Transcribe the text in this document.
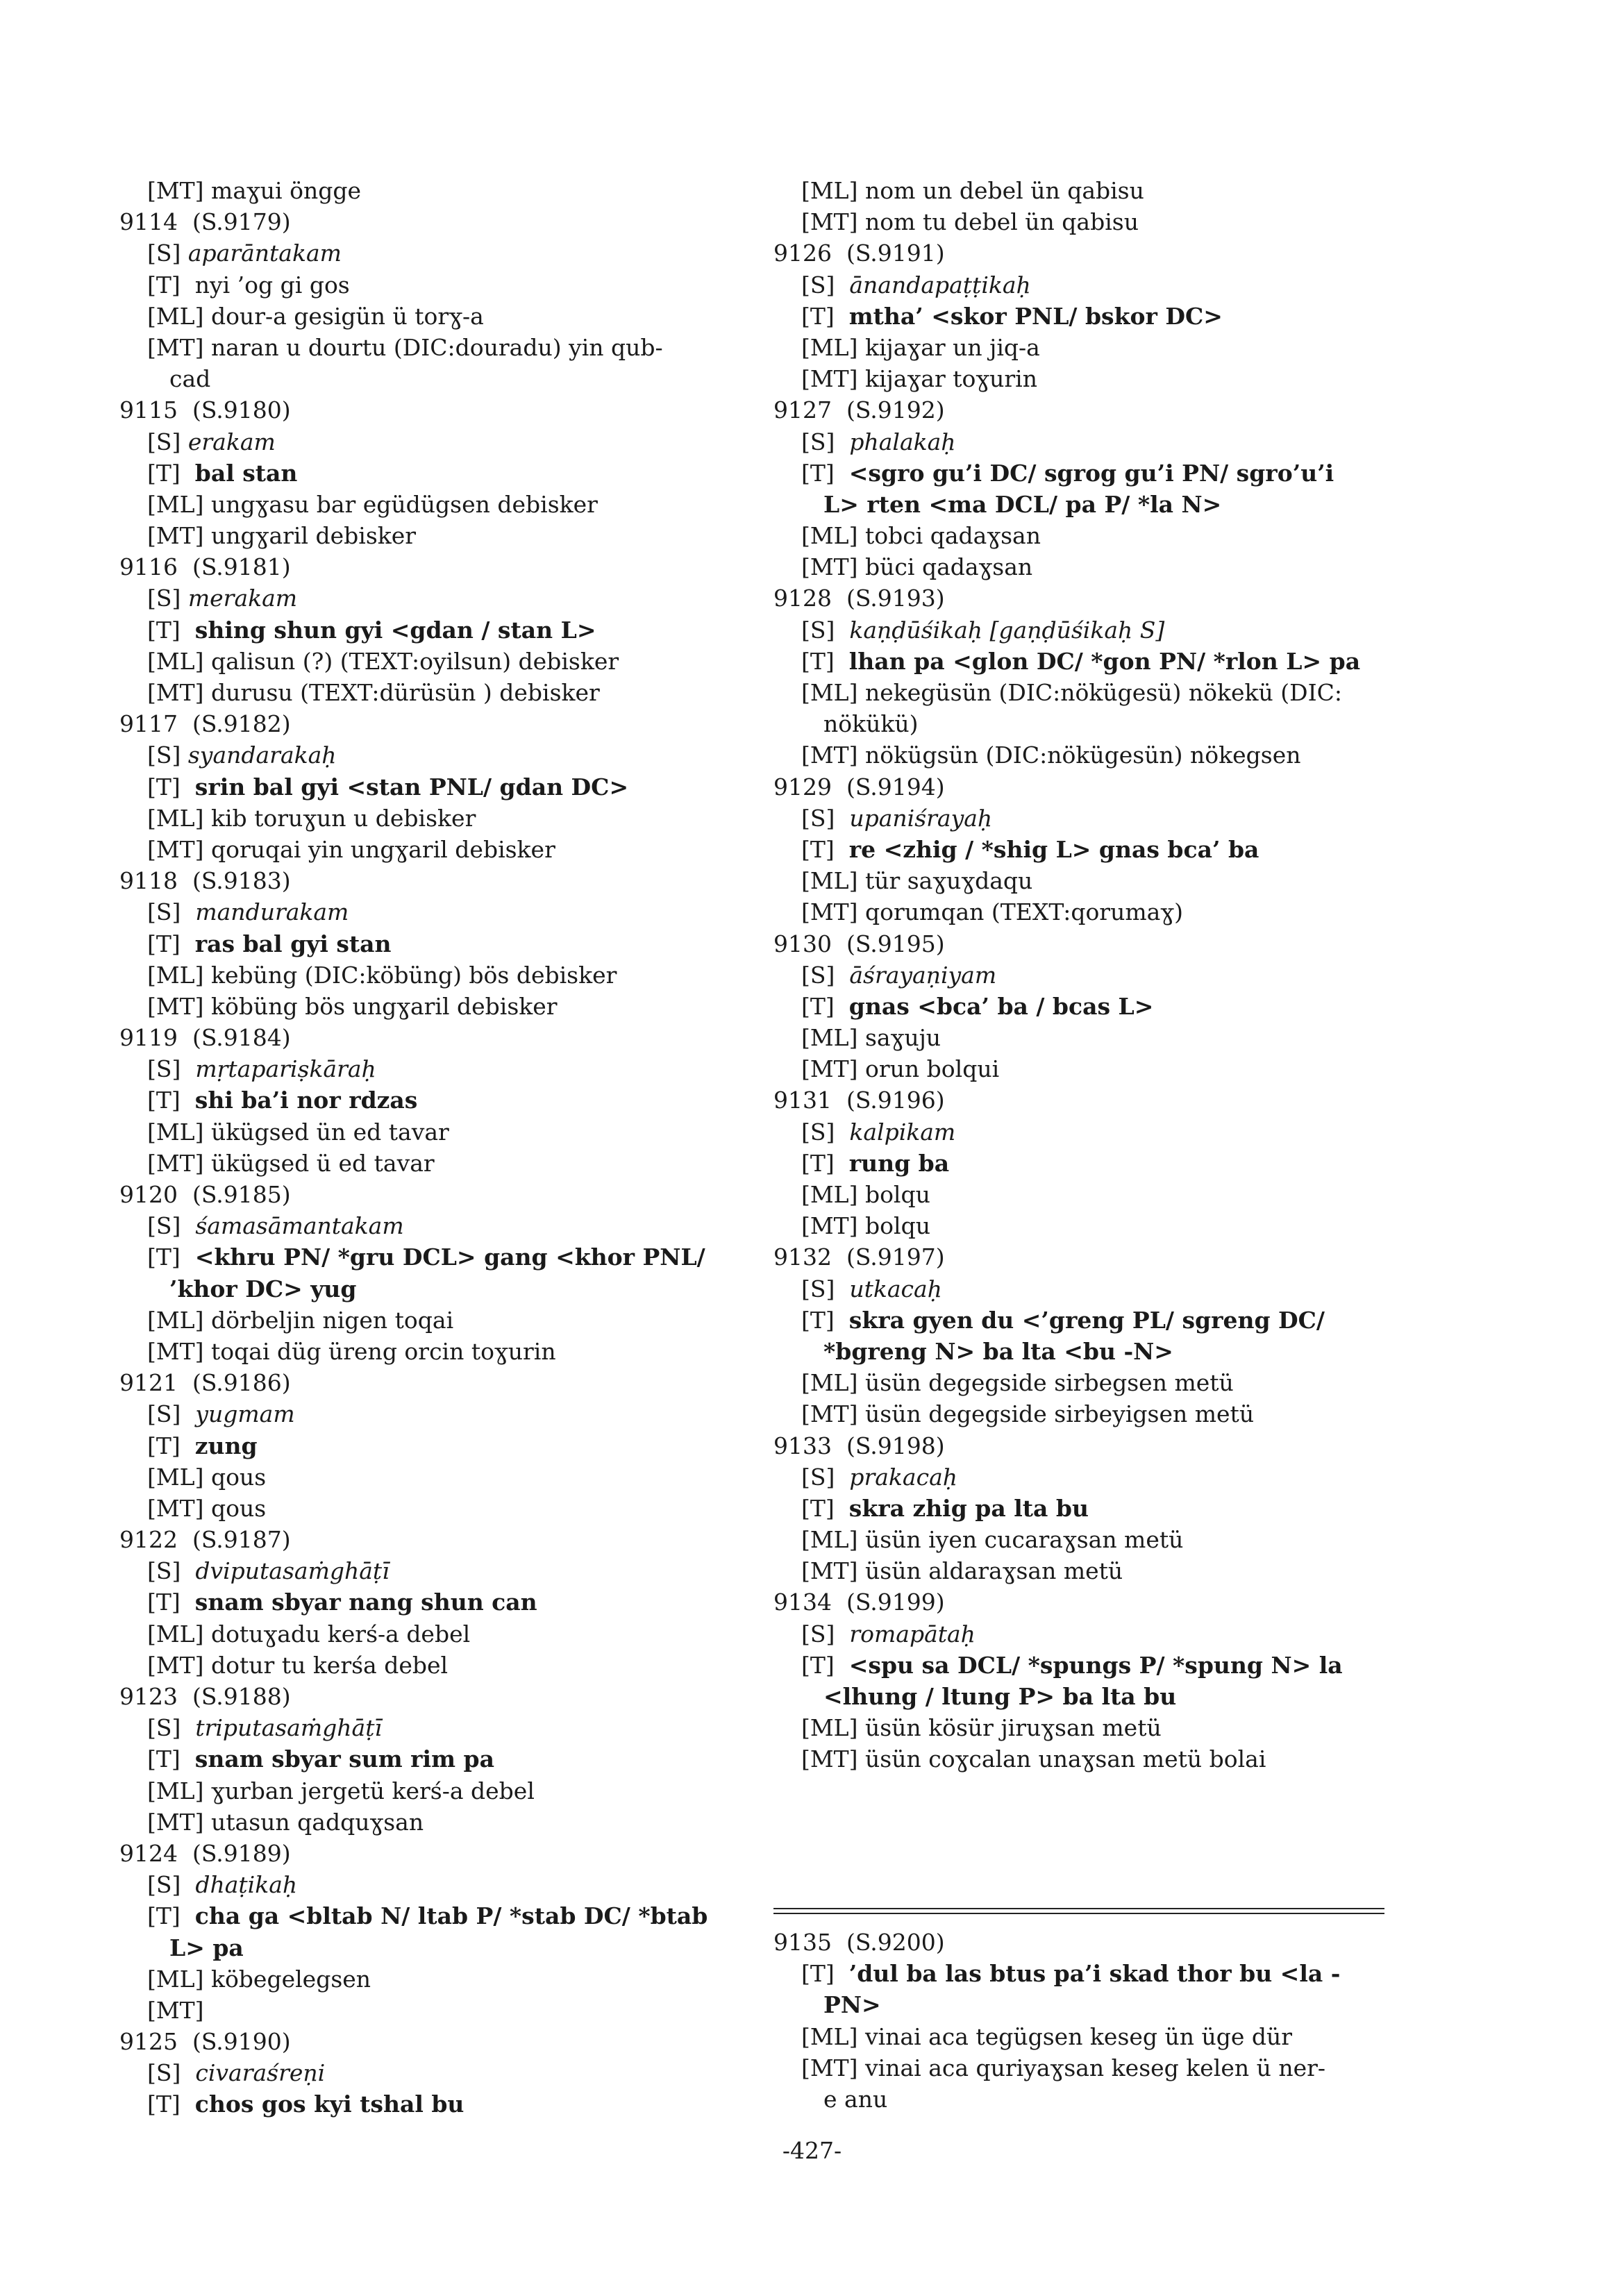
[MT] maɣui öngge
9114  (S.9179)
[S] aparāntakam
[T]  nyi ’og gi gos
[ML] dour-a gesigün ü torɣ-a
[MT] naran u dourtu (DIC:douradu) yin qub-
cad
9115  (S.9180)
[S] erakam
[T]  bal stan
[ML] ungɣasu bar egüdügsen debisker
[MT] ungɣaril debisker
9116  (S.9181)
[S] merakam
[T]  shing shun gyi <gdan / stan L>
[ML] qalisun (?) (TEXT:oyilsun) debisker
[MT] durusu (TEXT:dürüsün ) debisker
9117  (S.9182)
[S] syandarakaḥ
[T]  srin bal gyi <stan PNL/ gdan DC>
[ML] kib toruɣun u debisker
[MT] qoruqai yin ungɣaril debisker
9118  (S.9183)
[S]  mandurakam
[T]  ras bal gyi stan
[ML] kebüng (DIC:köbüng) bös debisker
[MT] köbüng bös ungɣaril debisker
9119  (S.9184)
[S]  mṛtapariṣkāraḥ
[T]  shi ba’i nor rdzas
[ML] ükügsed ün ed tavar
[MT] ükügsed ü ed tavar
9120  (S.9185)
[S]  śamasāmantakam
[T]  <khru PN/ *gru DCL> gang <khor PNL/
’khor DC> yug
[ML] dörbeljin nigen toqai
[MT] toqai düg üreng orcin toɣurin
9121  (S.9186)
[S]  yugmam
[T]  zung
[ML] qous
[MT] qous
9122  (S.9187)
[S]  dviputasaṁghāṭī
[T]  snam sbyar nang shun can
[ML] dotuɣadu kerś-a debel
[MT] dotur tu kerśa debel
9123  (S.9188)
[S]  triputasaṁghāṭī
[T]  snam sbyar sum rim pa
[ML] ɣurban jergetü kerś-a debel
[MT] utasun qadquɣsan
9124  (S.9189)
[S]  dhaṭikaḥ
[T]  cha ga <bltab N/ ltab P/ *stab DC/ *btab
L> pa
[ML] köbegelegsen
[MT]
9125  (S.9190)
[S]  civaraśreṇi
[T]  chos gos kyi tshal bu
[ML] nom un debel ün qabisu
[MT] nom tu debel ün qabisu
9126  (S.9191)
[S]  ānandapaṭṭikaḥ
[T]  mtha’ <skor PNL/ bskor DC>
[ML] kijaɣar un jiq-a
[MT] kijaɣar toɣurin
9127  (S.9192)
[S]  phalakaḥ
[T]  <sgro gu’i DC/ sgrog gu’i PN/ sgro’u’i
L> rten <ma DCL/ pa P/ *la N>
[ML] tobci qadaɣsan
[MT] büci qadaɣsan
9128  (S.9193)
[S]  kaṇḍūśikaḥ [gaṇḍūśikaḥ S]
[T]  lhan pa <glon DC/ *gon PN/ *rlon L> pa
[ML] nekegüsün (DIC:nökügesü) nökekü (DIC:
nökükü)
[MT] nökügsün (DIC:nökügesün) nökegsen
9129  (S.9194)
[S]  upaniśrayaḥ
[T]  re <zhig / *shig L> gnas bca’ ba
[ML] tür saɣuɣdaqu
[MT] qorumqan (TEXT:qorumaɣ)
9130  (S.9195)
[S]  āśrayaṇiyam
[T]  gnas <bca’ ba / bcas L>
[ML] saɣuju
[MT] orun bolqui
9131  (S.9196)
[S]  kalpikam
[T]  rung ba
[ML] bolqu
[MT] bolqu
9132  (S.9197)
[S]  utkacaḥ
[T]  skra gyen du <’greng PL/ sgreng DC/
*bgreng N> ba lta <bu -N>
[ML] üsün degegside sirbegsen metü
[MT] üsün degegside sirbeyigsen metü
9133  (S.9198)
[S]  prakacaḥ
[T]  skra zhig pa lta bu
[ML] üsün iyen cucaraɣsan metü
[MT] üsün aldaraɣsan metü
9134  (S.9199)
[S]  romapātaḥ
[T]  <spu sa DCL/ *spungs P/ *spung N> la
<lhung / ltung P> ba lta bu
[ML] üsün kösür jiruɣsan metü
[MT] üsün coɣcalan unaɣsan metü bolai
9135  (S.9200)
[T]  ’dul ba las btus pa’i skad thor bu <la -
PN>
[ML] vinai aca tegügsen keseg ün üge dür
[MT] vinai aca quriyaɣsan keseg kelen ü ner-
e anu
-427-
